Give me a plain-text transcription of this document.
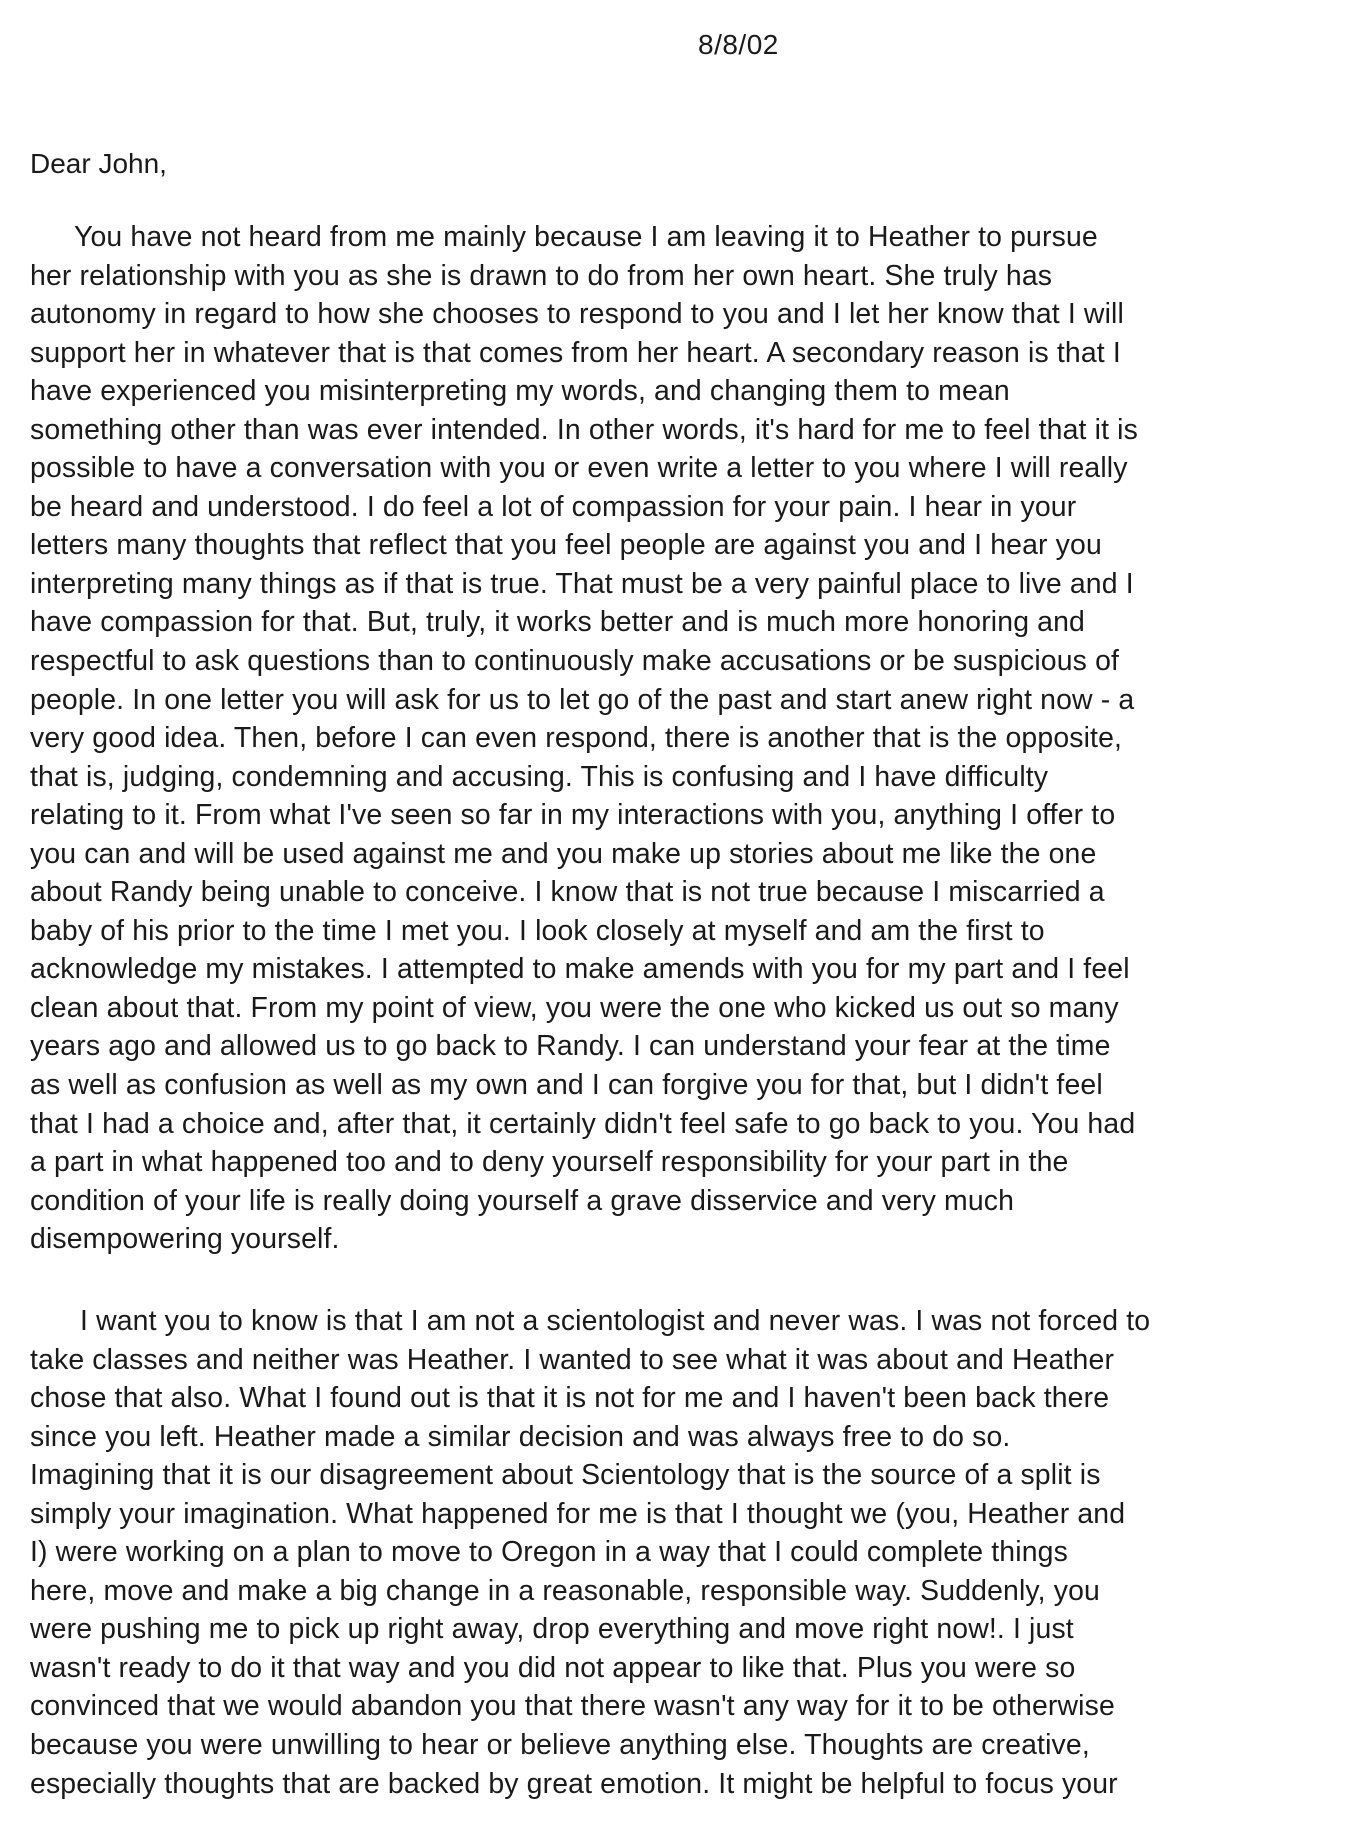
8/8/02
Dear John,
You have not heard from me mainly because I am leaving it to Heather to pursue
her relationship with you as she is drawn to do from her own heart. She truly has
autonomy in regard to how she chooses to respond to you and I let her know that I will
support her in whatever that is that comes from her heart. A secondary reason is that I
have experienced you misinterpreting my words, and changing them to mean
something other than was ever intended. In other words, it's hard for me to feel that it is
possible to have a conversation with you or even write a letter to you where I will really
be heard and understood. I do feel a lot of compassion for your pain. I hear in your
letters many thoughts that reflect that you feel people are against you and I hear you
interpreting many things as if that is true. That must be a very painful place to live and I
have compassion for that. But, truly, it works better and is much more honoring and
respectful to ask questions than to continuously make accusations or be suspicious of
people. In one letter you will ask for us to let go of the past and start anew right now - a
very good idea. Then, before I can even respond, there is another that is the opposite,
that is, judging, condemning and accusing. This is confusing and I have difficulty
relating to it. From what I've seen so far in my interactions with you, anything I offer to
you can and will be used against me and you make up stories about me like the one
about Randy being unable to conceive. I know that is not true because I miscarried a
baby of his prior to the time I met you. I look closely at myself and am the first to
acknowledge my mistakes. I attempted to make amends with you for my part and I feel
clean about that. From my point of view, you were the one who kicked us out so many
years ago and allowed us to go back to Randy. I can understand your fear at the time
as well as confusion as well as my own and I can forgive you for that, but I didn't feel
that I had a choice and, after that, it certainly didn't feel safe to go back to you. You had
a part in what happened too and to deny yourself responsibility for your part in the
condition of your life is really doing yourself a grave disservice and very much
disempowering yourself.
I want you to know is that I am not a scientologist and never was. I was not forced to
take classes and neither was Heather. I wanted to see what it was about and Heather
chose that also. What I found out is that it is not for me and I haven't been back there
since you left. Heather made a similar decision and was always free to do so.
Imagining that it is our disagreement about Scientology that is the source of a split is
simply your imagination. What happened for me is that I thought we (you, Heather and
I) were working on a plan to move to Oregon in a way that I could complete things
here, move and make a big change in a reasonable, responsible way. Suddenly, you
were pushing me to pick up right away, drop everything and move right now!. I just
wasn't ready to do it that way and you did not appear to like that. Plus you were so
convinced that we would abandon you that there wasn't any way for it to be otherwise
because you were unwilling to hear or believe anything else. Thoughts are creative,
especially thoughts that are backed by great emotion. It might be helpful to focus your
